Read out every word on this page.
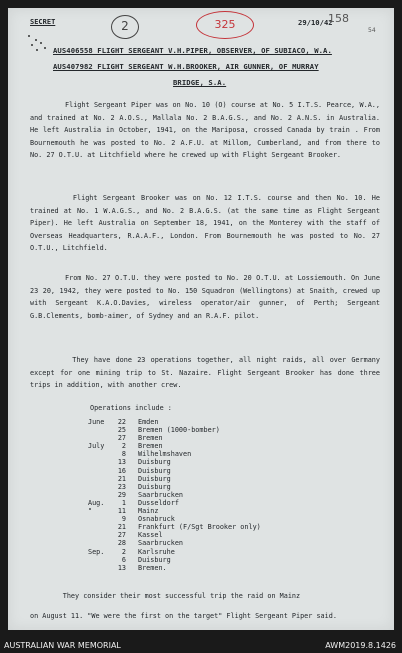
SECRET	2	325	29/10/42
158
54
AUS406558 FLIGHT SERGEANT V.H.PIPER, OBSERVER, OF SUBIACO, W.A.
AUS407982 FLIGHT SERGEANT W.H.BROOKER, AIR GUNNER, OF MURRAY
BRIDGE, S.A.

Flight Sergeant Piper was on No. 10 (O) course at No. 5 I.T.S. Pearce, W.A., and trained at No. 2 A.O.S., Mallala No. 2 B.A.G.S., and No. 2 A.N.S. in Australia. He left Australia in October, 1941, on the Mariposa, crossed Canada by train . From Bournemouth he was posted to No. 2 A.F.U. at Millom, Cumberland, and from there to No. 27 O.T.U. at Litchfield where he crewed up with Flight Sergeant Brooker.

Flight Sergeant Brooker was on No. 12 I.T.S. course and then No. 10. He trained at No. 1 W.A.G.S., and No. 2 B.A.G.S. (at the same time as Flight Sergeant Piper). He left Australia on September 18, 1941, on the Monterey with the staff of Overseas Headquarters, R.A.A.F., London. From Bournemouth he was posted to No. 27 O.T.U., Litchfield.

From No. 27 O.T.U. they were posted to No. 20 O.T.U. at Lossiemouth. On June 23 20, 1942, they were posted to No. 150 Squadron (Wellingtons) at Snaith, crewed up with Sergeant K.A.O.Davies, wireless operator/air gunner, of Perth; Sergeant G.B.Clements, bomb-aimer, of Sydney and an R.A.F. pilot.

They have done 23 operations together, all night raids, all over Germany except for one mining trip to St. Nazaire. Flight Sergeant Brooker has done three trips in addition, with another crew.

Operations include :
June	22 Emden
25 Bremen (1000-bomber)
27 Bremen
July	2 Bremen
8 Wilhelmshaven
13 Duisburg
16 Duisburg
21 Duisburg
23 Duisburg
29 Saarbrucken
Aug.	1 Dusseldorf
"	11 Mainz
9 Osnabruck
21 Frankfurt (F/Sgt Brooker only)
27 Kassel
28 Saarbrucken
Sep.	2 Karlsruhe
6 Duisburg
13 Bremen.

They consider their most successful trip the raid on Mainz
on August 11. "We were the first on the target" Flight Sergeant Piper said.

AUSTRALIAN WAR MEMORIAL	AWM2019.8.1426
